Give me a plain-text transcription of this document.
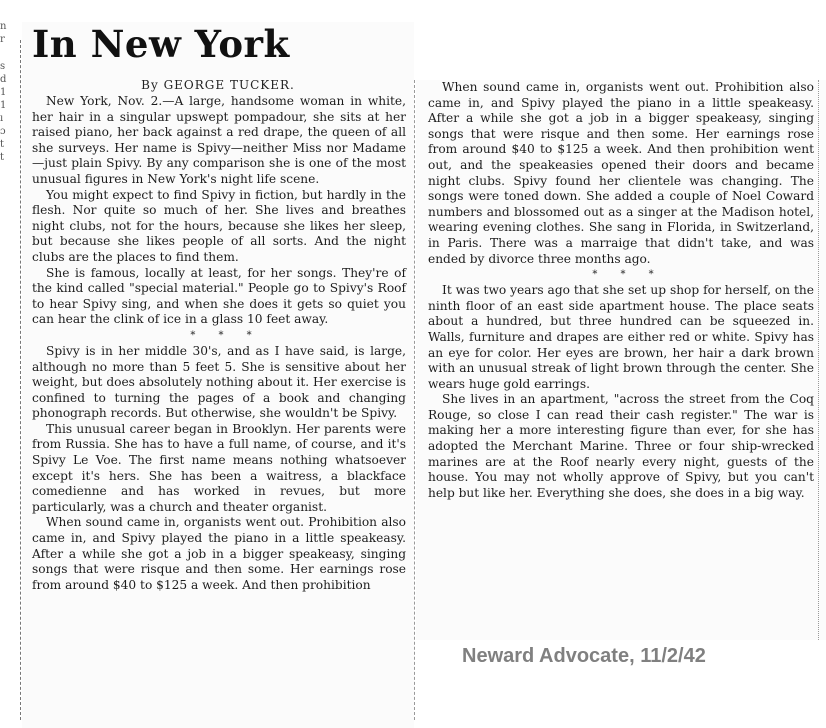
n
r
s
d
1
1
ı
ɔ
t
t
In New York
By GEORGE TUCKER.

New York, Nov. 2.—A large, handsome woman in white, her hair in a singular upswept pompadour, she sits at her raised piano, her back against a red drape, the queen of all she surveys. Her name is Spivy—neither Miss nor Madame—just plain Spivy. By any comparison she is one of the most unusual figures in New York's night life scene.

You might expect to find Spivy in fiction, but hardly in the flesh. Nor quite so much of her. She lives and breathes night clubs, not for the hours, because she likes her sleep, but because she likes people of all sorts. And the night clubs are the places to find them.

She is famous, locally at least, for her songs. They're of the kind called "special material." People go to Spivy's Roof to hear Spivy sing, and when she does it gets so quiet you can hear the clink of ice in a glass 10 feet away.

* * *

Spivy is in her middle 30's, and as I have said, is large, although no more than 5 feet 5. She is sensitive about her weight, but does absolutely nothing about it. Her exercise is confined to turning the pages of a book and changing phonograph records. But otherwise, she wouldn't be Spivy.

This unusual career began in Brooklyn. Her parents were from Russia. She has to have a full name, of course, and it's Spivy Le Voe. The first name means nothing whatsoever except it's hers. She has been a waitress, a blackface comedienne and has worked in revues, but more particularly, was a church and theater organist.

When sound came in, organists went out. Prohibition also came in, and Spivy played the piano in a little speakeasy. After a while she got a job in a bigger speakeasy, singing songs that were risque and then some. Her earnings rose from around $40 to $125 a week. And then prohibition

When sound came in, organists went out. Prohibition also came in, and Spivy played the piano in a little speakeasy. After a while she got a job in a bigger speakeasy, singing songs that were risque and then some. Her earnings rose from around $40 to $125 a week. And then prohibition went out, and the speakeasies opened their doors and became night clubs. Spivy found her clientele was changing. The songs were toned down. She added a couple of Noel Coward numbers and blossomed out as a singer at the Madison hotel, wearing evening clothes. She sang in Florida, in Switzerland, in Paris. There was a marraige that didn't take, and was ended by divorce three months ago.

* * *

It was two years ago that she set up shop for herself, on the ninth floor of an east side apartment house. The place seats about a hundred, but three hundred can be squeezed in. Walls, furniture and drapes are either red or white. Spivy has an eye for color. Her eyes are brown, her hair a dark brown with an unusual streak of light brown through the center. She wears huge gold earrings.

She lives in an apartment, "across the street from the Coq Rouge, so close I can read their cash register." The war is making her a more interesting figure than ever, for she has adopted the Merchant Marine. Three or four ship-wrecked marines are at the Roof nearly every night, guests of the house. You may not wholly approve of Spivy, but you can't help but like her. Everything she does, she does in a big way.

Neward Advocate, 11/2/42
